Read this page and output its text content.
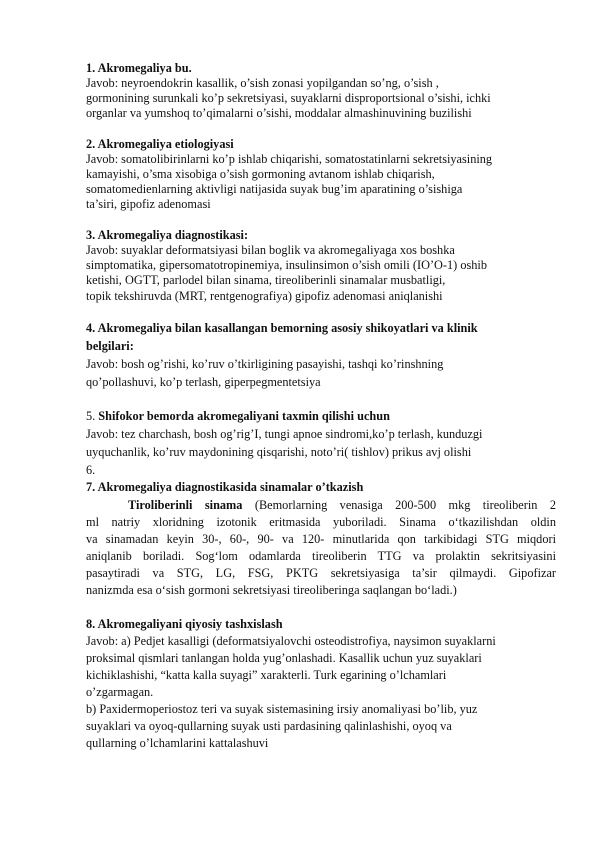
1. Akromegaliya bu.
Javob: neyroendokrin kasallik, o’sish zonasi yopilgandan so’ng, o’sish ,
gormonining surunkali ko’p sekretsiyasi, suyaklarni disproportsional o’sishi, ichki
organlar va yumshoq to’qimalarni o’sishi, moddalar almashinuvining buzilishi
2. Akromegaliya etiologiyasi
Javob: somatolibirinlarni ko’p ishlab chiqarishi, somatostatinlarni sekretsiyasining
kamayishi, o’sma xisobiga o’sish gormoning avtanom ishlab chiqarish,
somatomedienlarning aktivligi natijasida suyak bug’im aparatining o’sishiga
ta’siri, gipofiz adenomasi
3. Akromegaliya diagnostikasi:
Javob: suyaklar deformatsiyasi bilan boglik va akromegaliyaga xos boshka
simptomatika, gipersomatotropinemiya, insulinsimon o’sish omili (IO’O-1) oshib
ketishi, OGTT, parlodel bilan sinama, tireoliberinli sinamalar musbatligi,
topik tekshiruvda (MRT, rentgenografiya) gipofiz adenomasi aniqlanishi
4. Akromegaliya bilan kasallangan bemorning asosiy shikoyatlari va klinik
belgilari:
Javob: bosh og’rishi, ko’ruv o’tkirligining pasayishi, tashqi ko’rinshning
qo’pollashuvi, ko’p terlash, giperpegmentetsiya
5. Shifokor bemorda akromegaliyani taxmin qilishi uchun
Javob: tez charchash, bosh og’rig’I, tungi apnoe sindromi,ko’p terlash, kunduzgi
uyquchanlik, ko’ruv maydonining qisqarishi, noto’ri( tishlov) prikus avj olishi
6.
7. Akromegaliya diagnostikasida sinamalar o’tkazish
Tiroliberinli sinama (Bemorlarning venasiga 200-500 mkg tireoliberin 2
ml natriy xloridning izotonik eritmasida yuboriladi. Sinama o‘tkazilishdan oldin
va sinamadan keyin 30-, 60-, 90- va 120- minutlarida qon tarkibidagi STG miqdori
aniqlanib boriladi. Sog‘lom odamlarda tireoliberin TTG va prolaktin sekritsiyasini
pasaytiradi va STG, LG, FSG, PKTG sekretsiyasiga ta’sir qilmaydi. Gipofizar
nanizmda esa o‘sish gormoni sekretsiyasi tireoliberinga saqlangan bo‘ladi.)
8. Akromegaliyani qiyosiy tashxislash
Javob: a) Pedjet kasalligi (deformatsiyalovchi osteodistrofiya, naysimon suyaklarni
proksimal qismlari tanlangan holda yug’onlashadi. Kasallik uchun yuz suyaklari
kichiklashishi, “katta kalla suyagi” xarakterli. Turk egarining o’lchamlari
o’zgarmagan.
b) Paxidermoperiostoz teri va suyak sistemasining irsiy anomaliyasi bo’lib, yuz
suyaklari va oyoq-qullarning suyak usti pardasining qalinlashishi, oyoq va
qullarning o’lchamlarini kattalashuvi
